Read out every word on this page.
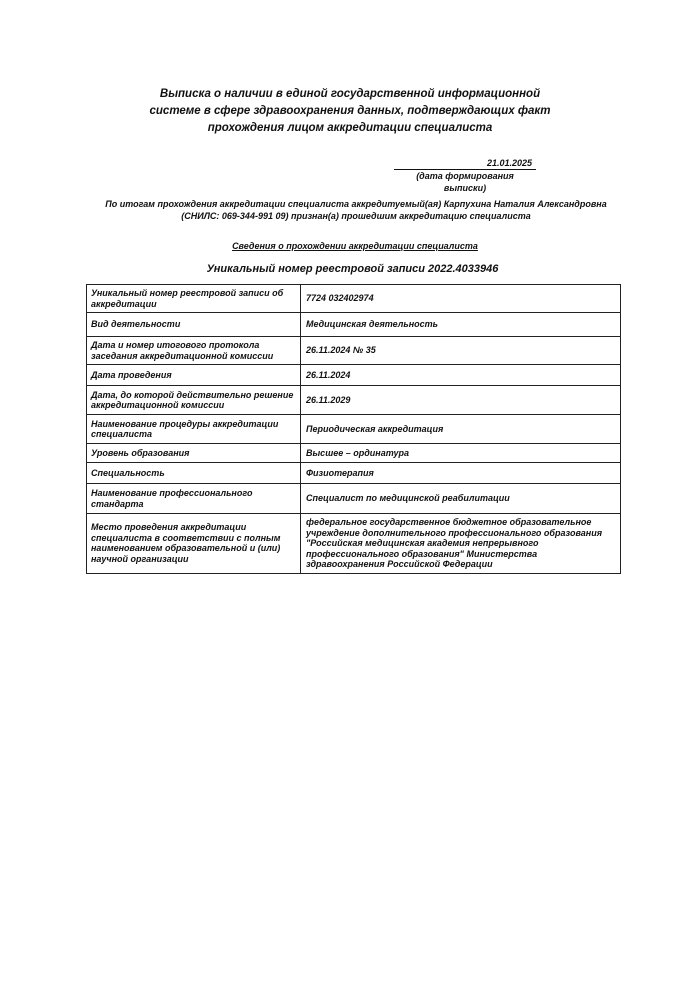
Выписка о наличии в единой государственной информационной
системе в сфере здравоохранения данных, подтверждающих факт
прохождения лицом аккредитации специалиста
21.01.2025
(дата формирования выписки)
По итогам прохождения аккредитации специалиста аккредитуемый(ая) Карпухина Наталия Александровна
(СНИЛС: 069-344-991 09) признан(а) прошедшим аккредитацию специалиста
Сведения о прохождении аккредитации специалиста
Уникальный номер реестровой записи 2022.4033946
Уникальный номер реестровой записи об аккредитации	7724 032402974
Вид деятельности	Медицинская деятельность
Дата и номер итогового протокола заседания аккредитационной комиссии	26.11.2024 № 35
Дата проведения	26.11.2024
Дата, до которой действительно решение аккредитационной комиссии	26.11.2029
Наименование процедуры аккредитации специалиста	Периодическая аккредитация
Уровень образования	Высшее – ординатура
Специальность	Физиотерапия
Наименование профессионального стандарта	Специалист по медицинской реабилитации
Место проведения аккредитации специалиста в соответствии с полным наименованием образовательной и (или) научной организации	федеральное государственное бюджетное образовательное учреждение дополнительного профессионального образования "Российская медицинская академия непрерывного профессионального образования" Министерства здравоохранения Российской Федерации
